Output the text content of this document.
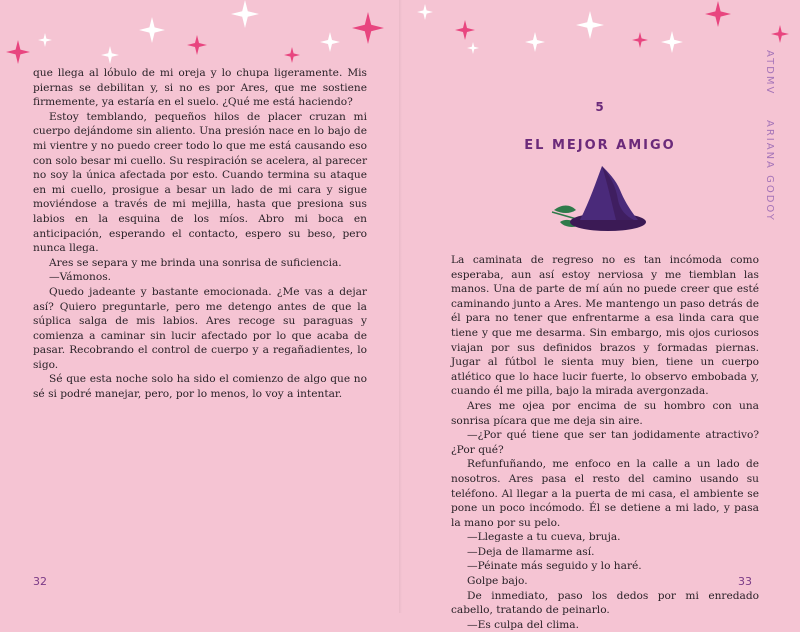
que llega al lóbulo de mi oreja y lo chupa ligeramente. Mis piernas se debilitan y, si no es por Ares, que me sostiene firmemente, ya estaría en el suelo. ¿Qué me está haciendo?

Estoy temblando, pequeños hilos de placer cruzan mi cuerpo dejándome sin aliento. Una presión nace en lo bajo de mi vientre y no puedo creer todo lo que me está causando eso con solo besar mi cuello. Su respiración se acelera, al parecer no soy la única afectada por esto. Cuando termina su ataque en mi cuello, prosigue a besar un lado de mi cara y sigue moviéndose a través de mi mejilla, hasta que presiona sus labios en la esquina de los míos. Abro mi boca en anticipación, esperando el contacto, espero su beso, pero nunca llega.

Ares se separa y me brinda una sonrisa de suficiencia.

—Vámonos.

Quedo jadeante y bastante emocionada. ¿Me vas a dejar así? Quiero preguntarle, pero me detengo antes de que la súplica salga de mis labios. Ares recoge su paraguas y comienza a caminar sin lucir afectado por lo que acaba de pasar. Recobrando el control de cuerpo y a regañadientes, lo sigo.

Sé que esta noche solo ha sido el comienzo de algo que no sé si podré manejar, pero, por lo menos, lo voy a intentar.

32
ATDMV  ARIANA GODOY
5
EL MEJOR AMIGO

La caminata de regreso no es tan incómoda como esperaba, aun así estoy nerviosa y me tiemblan las manos. Una de parte de mí aún no puede creer que esté caminando junto a Ares. Me mantengo un paso detrás de él para no tener que enfrentarme a esa linda cara que tiene y que me desarma. Sin embargo, mis ojos curiosos viajan por sus definidos brazos y formadas piernas. Jugar al fútbol le sienta muy bien, tiene un cuerpo atlético que lo hace lucir fuerte, lo observo embobada y, cuando él me pilla, bajo la mirada avergonzada.

Ares me ojea por encima de su hombro con una sonrisa pícara que me deja sin aire.

—¿Por qué tiene que ser tan jodidamente atractivo? ¿Por qué?

Refunfuñando, me enfoco en la calle a un lado de nosotros. Ares pasa el resto del camino usando su teléfono. Al llegar a la puerta de mi casa, el ambiente se pone un poco incómodo. Él se detiene a mi lado, y pasa la mano por su pelo.

—Llegaste a tu cueva, bruja.

—Deja de llamarme así.

—Péinate más seguido y lo haré.

Golpe bajo.

De inmediato, paso los dedos por mi enredado cabello, tratando de peinarlo.

—Es culpa del clima.

33
